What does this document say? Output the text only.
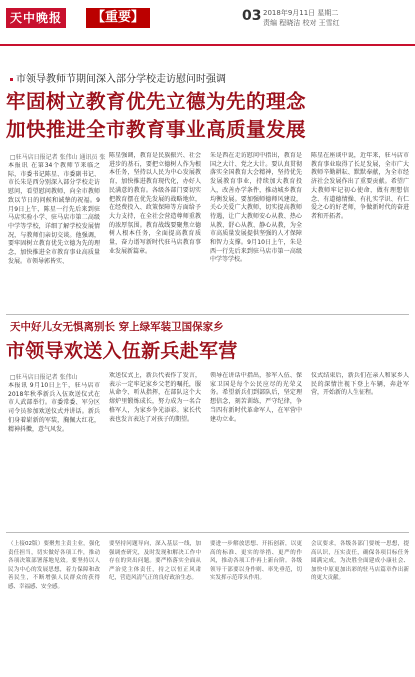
天中晚报	【重要】	03 2018年9月11日 星期二
责编 程晓洁 校对 王雪红
市领导教师节期间深入部分学校走访慰问时强调
牢固树立教育优先立德为先的理念
加快推进全市教育事业高质量发展
□驻马店日报记者 张伟山 通讯员 张
本报讯 在第34个教师节来临之际，市委书记陈星、市委副书记、市长朱是西分别深入部分学校走访慰问，看望慰问教师，向全市教师致以节日的问候和诚挚的祝福。9月9日上午，陈星一行先后来到驻马店实验小学、驻马店市第二高级中学等学校，详细了解学校发展情况，与教师们亲切交谈。他强调，要牢固树立教育优先立德为先的理念，加快推进全市教育事业高质量发展。市领导郭皆实、
陈星强调，教育是民族振兴、社会进步的基石，要把立德树人作为根本任务，坚持以人民为中心发展教育，加快推进教育现代化，办好人民满意的教育。各级各部门要切实把教育摆在优先发展的战略地位，在经费投入、政策保障等方面给予大力支持，在全社会营造尊师重教的浓厚氛围。教育战线要聚焦立德树人根本任务，全面提高教育质量，奋力谱写新时代驻马店教育事业发展新篇章。
朱是西在走访慰问中指出，教育是国之大计、党之大计。要认真贯彻落实全国教育大会精神，坚持优先发展教育事业，持续加大教育投入，改善办学条件，推动城乡教育均衡发展。要加强师德师风建设，关心关爱广大教师，切实提高教师待遇，让广大教师安心从教、热心从教、舒心从教、静心从教，为全市高质量发展提供坚强的人才保障和智力支撑。9月10日上午，朱是西一行先后来到驻马店市第一高级中学等学校。
陈星在座谈中说，近年来，驻马店市教育事业取得了长足发展，全市广大教师辛勤耕耘、默默奉献，为全市经济社会发展作出了重要贡献。希望广大教师牢记初心使命，做有理想信念、有道德情操、有扎实学识、有仁爱之心的好老师，争做新时代的奋进者和开拓者。
天中好儿女无惧离别长 穿上绿军装卫国保家乡
市领导欢送入伍新兵赴军营
□驻马店日报记者 张伟山
本报讯 9月10日上午，驻马店市2018年秋季新兵入伍欢送仪式在市人武部举行。市委常委、军分区司令员参加欢送仪式并讲话。新兵们身着崭新的军装，胸佩大红花，精神抖擞，意气风发。
欢送仪式上，新兵代表作了发言，表示一定牢记家乡父老的嘱托，服从命令、听从指挥，在部队这个大熔炉里锻炼成长，努力成为一名合格军人，为家乡争光添彩。家长代表也发言表达了对孩子的期望。
领导在讲话中指出，参军入伍、保家卫国是每个公民应尽的光荣义务。希望新兵们到部队后，坚定理想信念，刻苦训练，严守纪律，争当四有新时代革命军人，在军营中建功立业。
仪式结束后，新兵们在亲人和家乡人民的深情注视下登上车辆，奔赴军营，开始新的人生征程。
（上接02版）要聚焦主责主业，强化责任担当，切实做好各项工作，推动各项决策部署落地见效。要坚持以人民为中心的发展思想，着力保障和改善民生，不断增强人民群众的获得感、幸福感、安全感。
要坚持问题导向，深入基层一线，加强调查研究，及时发现和解决工作中存在的突出问题。要严格落实全面从严治党主体责任，持之以恒正风肃纪，营造风清气正的良好政治生态。
要进一步解放思想、开拓创新，以更高的标准、更实的举措、更严的作风，推动各项工作再上新台阶。各级领导干部要以身作则、率先垂范，切实发挥示范带头作用。
会议要求，各级各部门要统一思想，提高认识，压实责任，确保各项目标任务圆满完成，为决胜全面建成小康社会、加快中原更加出彩的驻马店篇章作出新的更大贡献。
